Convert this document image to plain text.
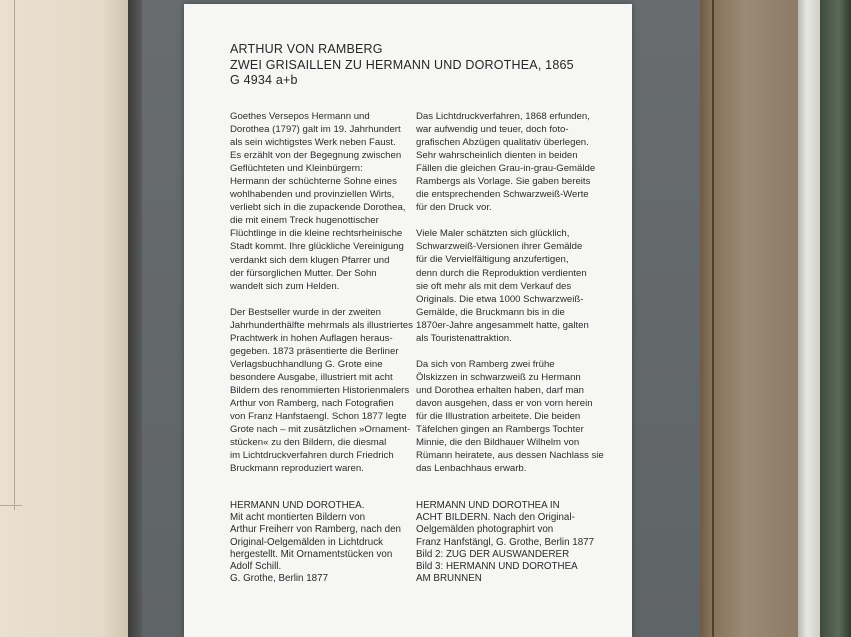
ARTHUR VON RAMBERG
ZWEI GRISAILLEN ZU HERMANN UND DOROTHEA, 1865
G 4934 a+b

Goethes Versepos Hermann und
Dorothea (1797) galt im 19. Jahrhundert
als sein wichtigstes Werk neben Faust.
Es erzählt von der Begegnung zwischen
Geflüchteten und Kleinbürgern:
Hermann der schüchterne Sohne eines
wohlhabenden und provinziellen Wirts,
verliebt sich in die zupackende Dorothea,
die mit einem Treck hugenottischer
Flüchtlinge in die kleine rechtsrheinische
Stadt kommt. Ihre glückliche Vereinigung
verdankt sich dem klugen Pfarrer und
der fürsorglichen Mutter. Der Sohn
wandelt sich zum Helden.

Der Bestseller wurde in der zweiten
Jahrhunderthälfte mehrmals als illustriertes
Prachtwerk in hohen Auflagen heraus-
gegeben. 1873 präsentierte die Berliner
Verlagsbuchhandlung G. Grote eine
besondere Ausgabe, illustriert mit acht
Bildern des renommierten Historienmalers
Arthur von Ramberg, nach Fotografien
von Franz Hanfstaengl. Schon 1877 legte
Grote nach – mit zusätzlichen »Ornament-
stücken« zu den Bildern, die diesmal
im Lichtdruckverfahren durch Friedrich
Bruckmann reproduziert waren.

Das Lichtdruckverfahren, 1868 erfunden,
war aufwendig und teuer, doch foto-
grafischen Abzügen qualitativ überlegen.
Sehr wahrscheinlich dienten in beiden
Fällen die gleichen Grau-in-grau-Gemälde
Rambergs als Vorlage. Sie gaben bereits
die entsprechenden Schwarzweiß-Werte
für den Druck vor.

Viele Maler schätzten sich glücklich,
Schwarzweiß-Versionen ihrer Gemälde
für die Vervielfältigung anzufertigen,
denn durch die Reproduktion verdienten
sie oft mehr als mit dem Verkauf des
Originals. Die etwa 1000 Schwarzweiß-
Gemälde, die Bruckmann bis in die
1870er-Jahre angesammelt hatte, galten
als Touristenattraktion.

Da sich von Ramberg zwei frühe
Ölskizzen in schwarzweiß zu Hermann
und Dorothea erhalten haben, darf man
davon ausgehen, dass er von vorn herein
für die Illustration arbeitete. Die beiden
Täfelchen gingen an Rambergs Tochter
Minnie, die den Bildhauer Wilhelm von
Rümann heiratete, aus dessen Nachlass sie
das Lenbachhaus erwarb.

HERMANN UND DOROTHEA.
Mit acht montierten Bildern von
Arthur Freiherr von Ramberg, nach den
Original-Oelgemälden in Lichtdruck
hergestellt. Mit Ornamentstücken von
Adolf Schill.
G. Grothe, Berlin 1877
HERMANN UND DOROTHEA IN
ACHT BILDERN. Nach den Original-
Oelgemälden photographirt von
Franz Hanfstängl, G. Grothe, Berlin 1877
Bild 2: ZUG DER AUSWANDERER
Bild 3: HERMANN UND DOROTHEA
AM BRUNNEN
